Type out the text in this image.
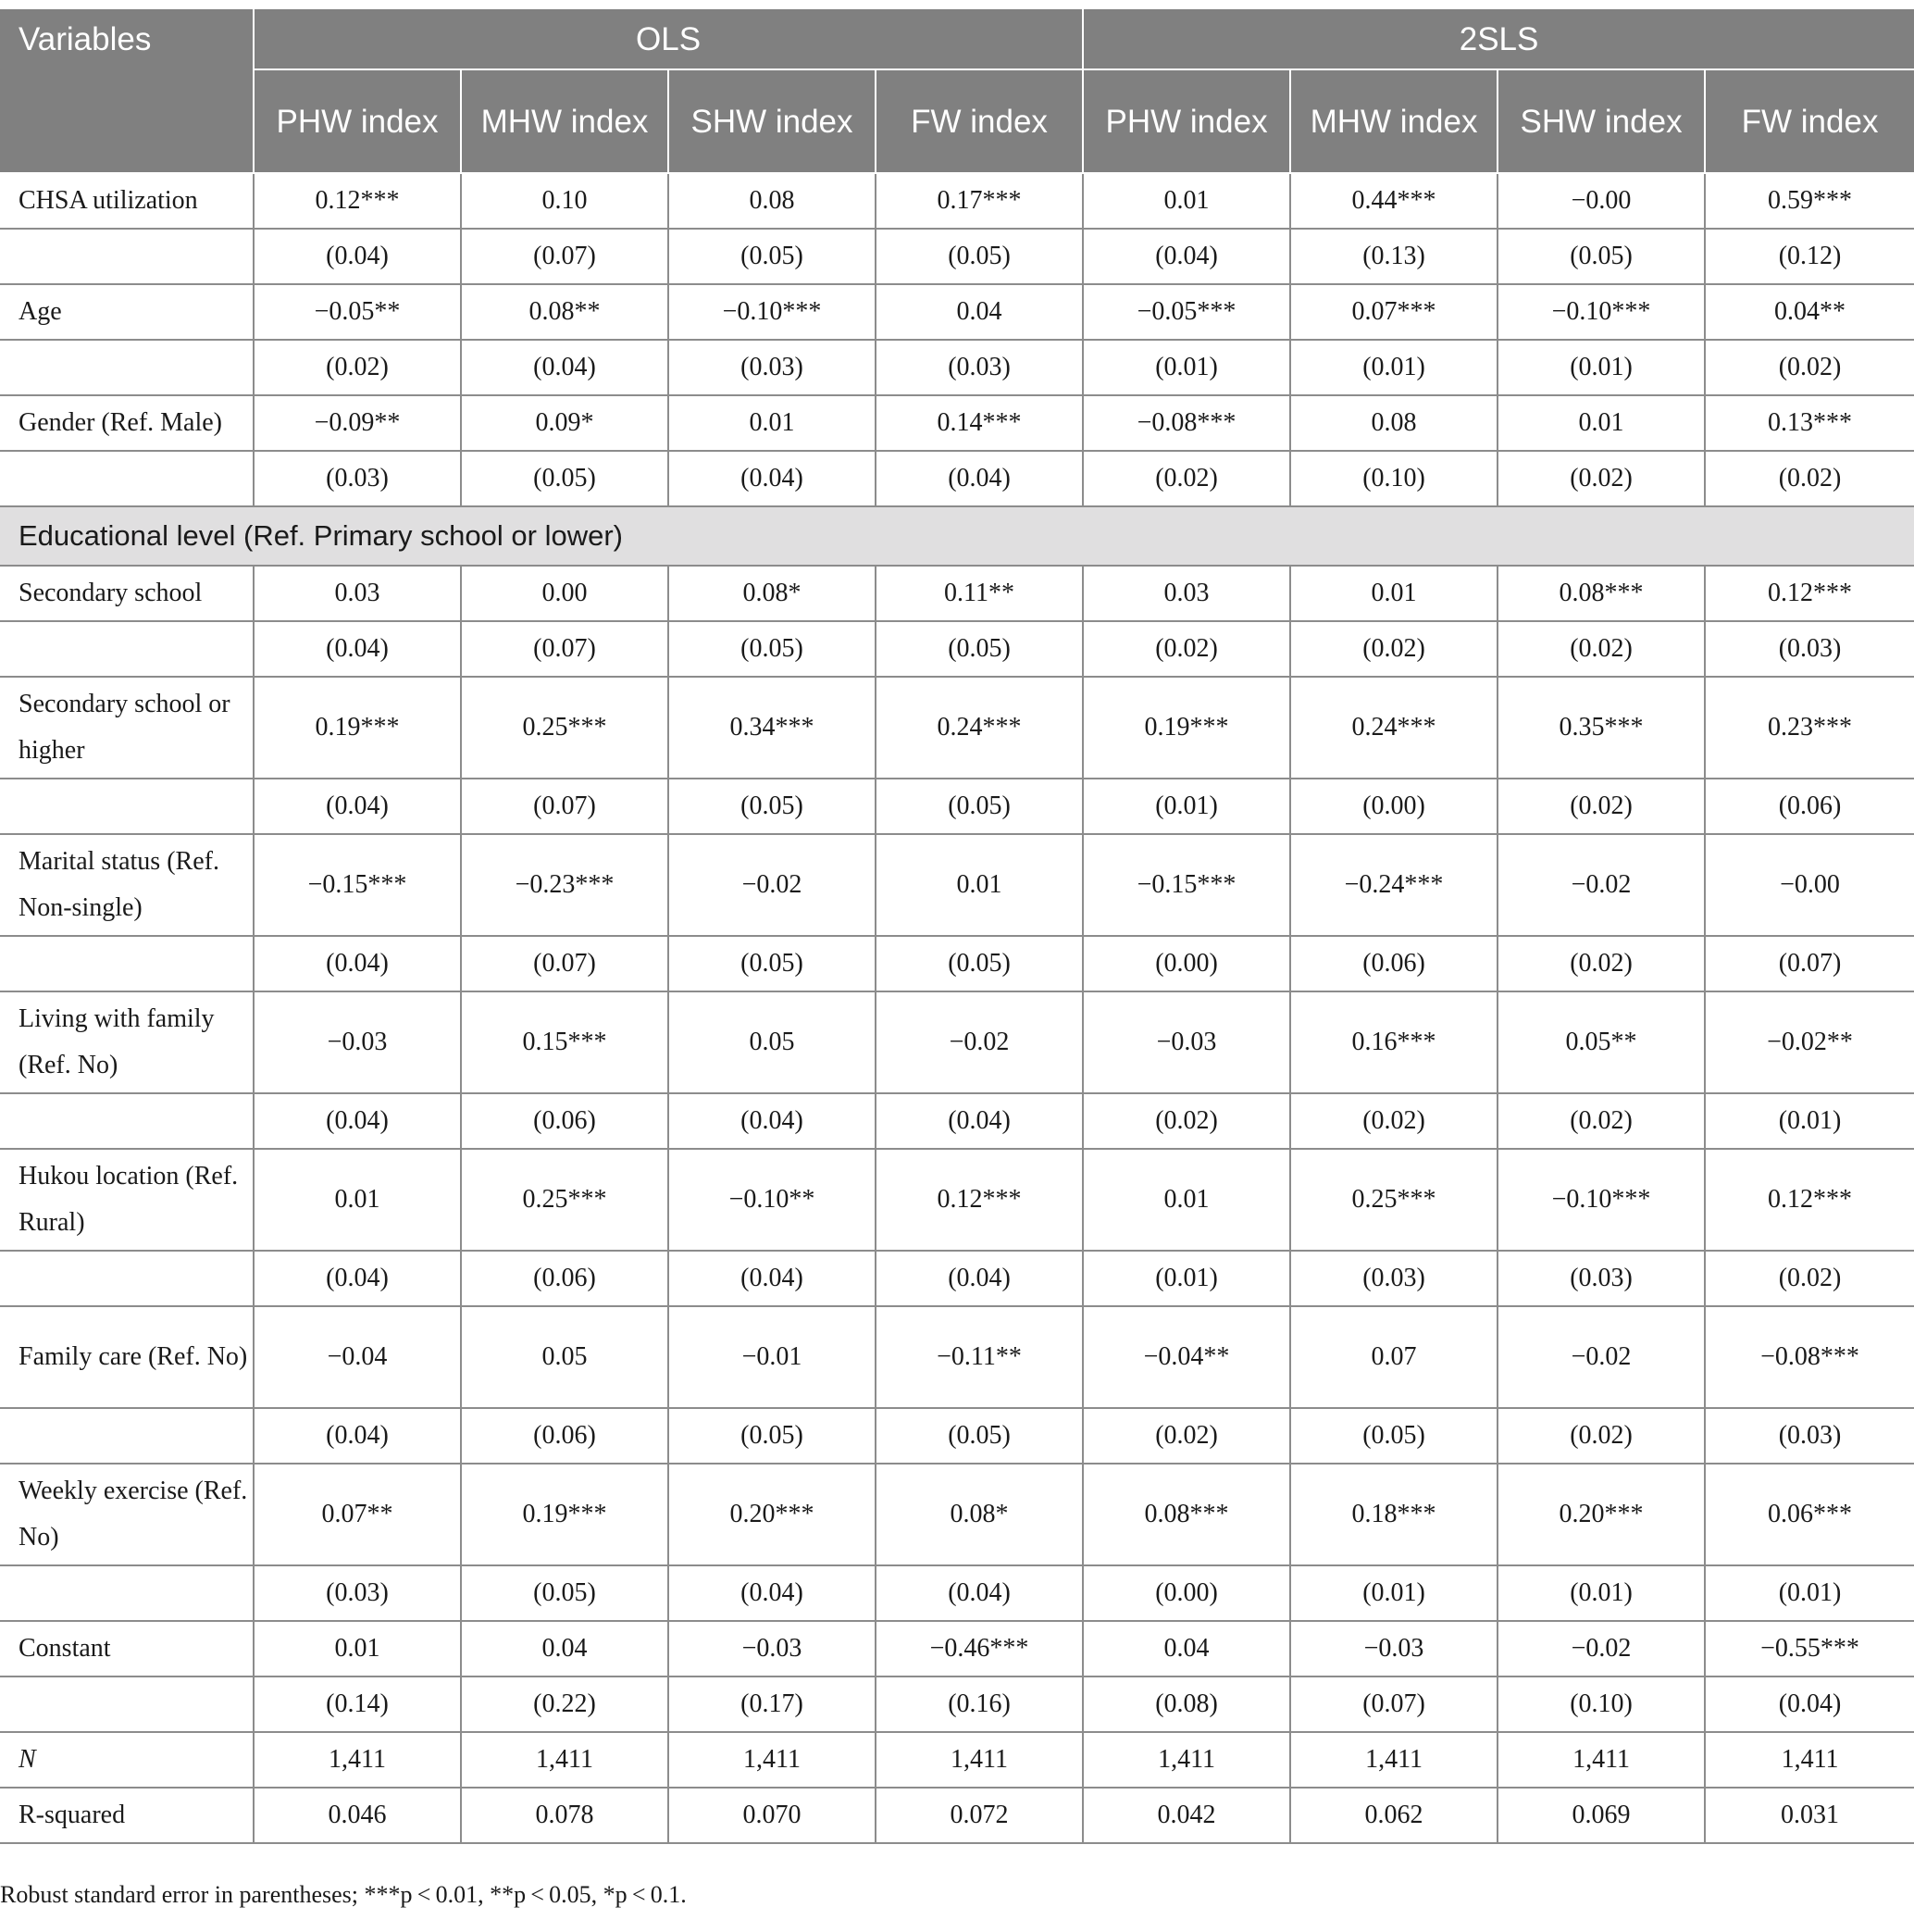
Variables	OLS				2SLS			
	PHW index	MHW index	SHW index	FW index	PHW index	MHW index	SHW index	FW index
CHSA utilization	0.12***	0.10	0.08	0.17***	0.01	0.44***	−0.00	0.59***
	(0.04)	(0.07)	(0.05)	(0.05)	(0.04)	(0.13)	(0.05)	(0.12)
Age	−0.05**	0.08**	−0.10***	0.04	−0.05***	0.07***	−0.10***	0.04**
	(0.02)	(0.04)	(0.03)	(0.03)	(0.01)	(0.01)	(0.01)	(0.02)
Gender (Ref. Male)	−0.09**	0.09*	0.01	0.14***	−0.08***	0.08	0.01	0.13***
	(0.03)	(0.05)	(0.04)	(0.04)	(0.02)	(0.10)	(0.02)	(0.02)
Educational level (Ref. Primary school or lower)								
Secondary school	0.03	0.00	0.08*	0.11**	0.03	0.01	0.08***	0.12***
	(0.04)	(0.07)	(0.05)	(0.05)	(0.02)	(0.02)	(0.02)	(0.03)
Secondary school or higher	0.19***	0.25***	0.34***	0.24***	0.19***	0.24***	0.35***	0.23***
	(0.04)	(0.07)	(0.05)	(0.05)	(0.01)	(0.00)	(0.02)	(0.06)
Marital status (Ref. Non-single)	−0.15***	−0.23***	−0.02	0.01	−0.15***	−0.24***	−0.02	−0.00
	(0.04)	(0.07)	(0.05)	(0.05)	(0.00)	(0.06)	(0.02)	(0.07)
Living with family (Ref. No)	−0.03	0.15***	0.05	−0.02	−0.03	0.16***	0.05**	−0.02**
	(0.04)	(0.06)	(0.04)	(0.04)	(0.02)	(0.02)	(0.02)	(0.01)
Hukou location (Ref. Rural)	0.01	0.25***	−0.10**	0.12***	0.01	0.25***	−0.10***	0.12***
	(0.04)	(0.06)	(0.04)	(0.04)	(0.01)	(0.03)	(0.03)	(0.02)
Family care (Ref. No)	−0.04	0.05	−0.01	−0.11**	−0.04**	0.07	−0.02	−0.08***
	(0.04)	(0.06)	(0.05)	(0.05)	(0.02)	(0.05)	(0.02)	(0.03)
Weekly exercise (Ref. No)	0.07**	0.19***	0.20***	0.08*	0.08***	0.18***	0.20***	0.06***
	(0.03)	(0.05)	(0.04)	(0.04)	(0.00)	(0.01)	(0.01)	(0.01)
Constant	0.01	0.04	−0.03	−0.46***	0.04	−0.03	−0.02	−0.55***
	(0.14)	(0.22)	(0.17)	(0.16)	(0.08)	(0.07)	(0.10)	(0.04)
N	1,411	1,411	1,411	1,411	1,411	1,411	1,411	1,411
R-squared	0.046	0.078	0.070	0.072	0.042	0.062	0.069	0.031
Robust standard error in parentheses; ***p < 0.01, **p < 0.05, *p < 0.1.
